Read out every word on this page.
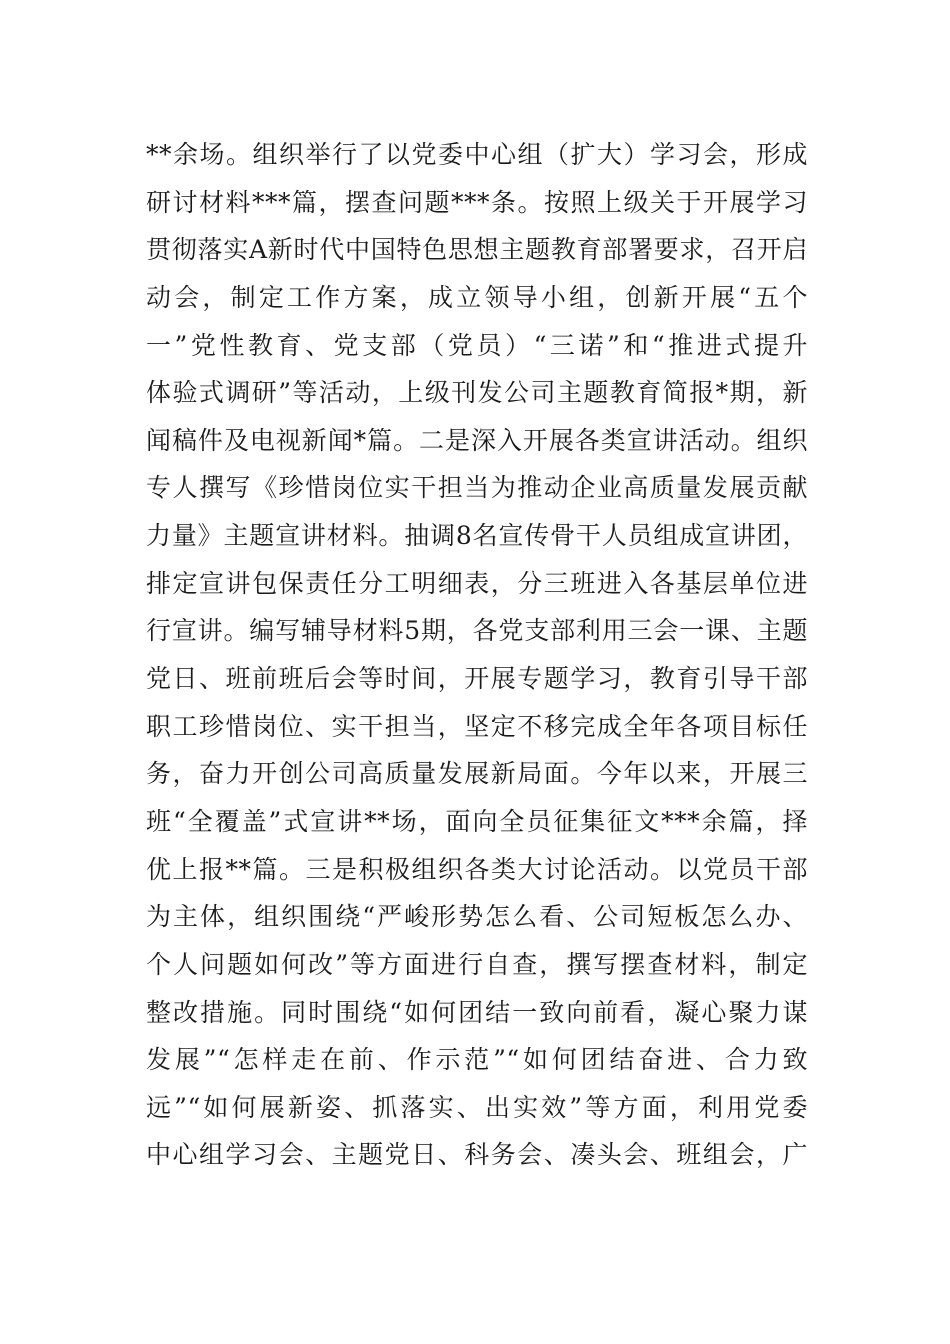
**余场。组织举行了以党委中心组（扩大）学习会，形成
研讨材料***篇，摆查问题***条。按照上级关于开展学习
贯彻落实A新时代中国特色思想主题教育部署要求，召开启
动会，制定工作方案，成立领导小组，创新开展“五个
一”党性教育、党支部（党员）“三诺”和“推进式提升
体验式调研”等活动，上级刊发公司主题教育简报*期，新
闻稿件及电视新闻*篇。二是深入开展各类宣讲活动。组织
专人撰写《珍惜岗位实干担当为推动企业高质量发展贡献
力量》主题宣讲材料。抽调8名宣传骨干人员组成宣讲团，
排定宣讲包保责任分工明细表，分三班进入各基层单位进
行宣讲。编写辅导材料5期，各党支部利用三会一课、主题
党日、班前班后会等时间，开展专题学习，教育引导干部
职工珍惜岗位、实干担当，坚定不移完成全年各项目标任
务，奋力开创公司高质量发展新局面。今年以来，开展三
班“全覆盖”式宣讲**场，面向全员征集征文***余篇，择
优上报**篇。三是积极组织各类大讨论活动。以党员干部
为主体，组织围绕“严峻形势怎么看、公司短板怎么办、
个人问题如何改”等方面进行自查，撰写摆查材料，制定
整改措施。同时围绕“如何团结一致向前看，凝心聚力谋
发展”“怎样走在前、作示范”“如何团结奋进、合力致
远”“如何展新姿、抓落实、出实效”等方面，利用党委
中心组学习会、主题党日、科务会、凑头会、班组会，广
